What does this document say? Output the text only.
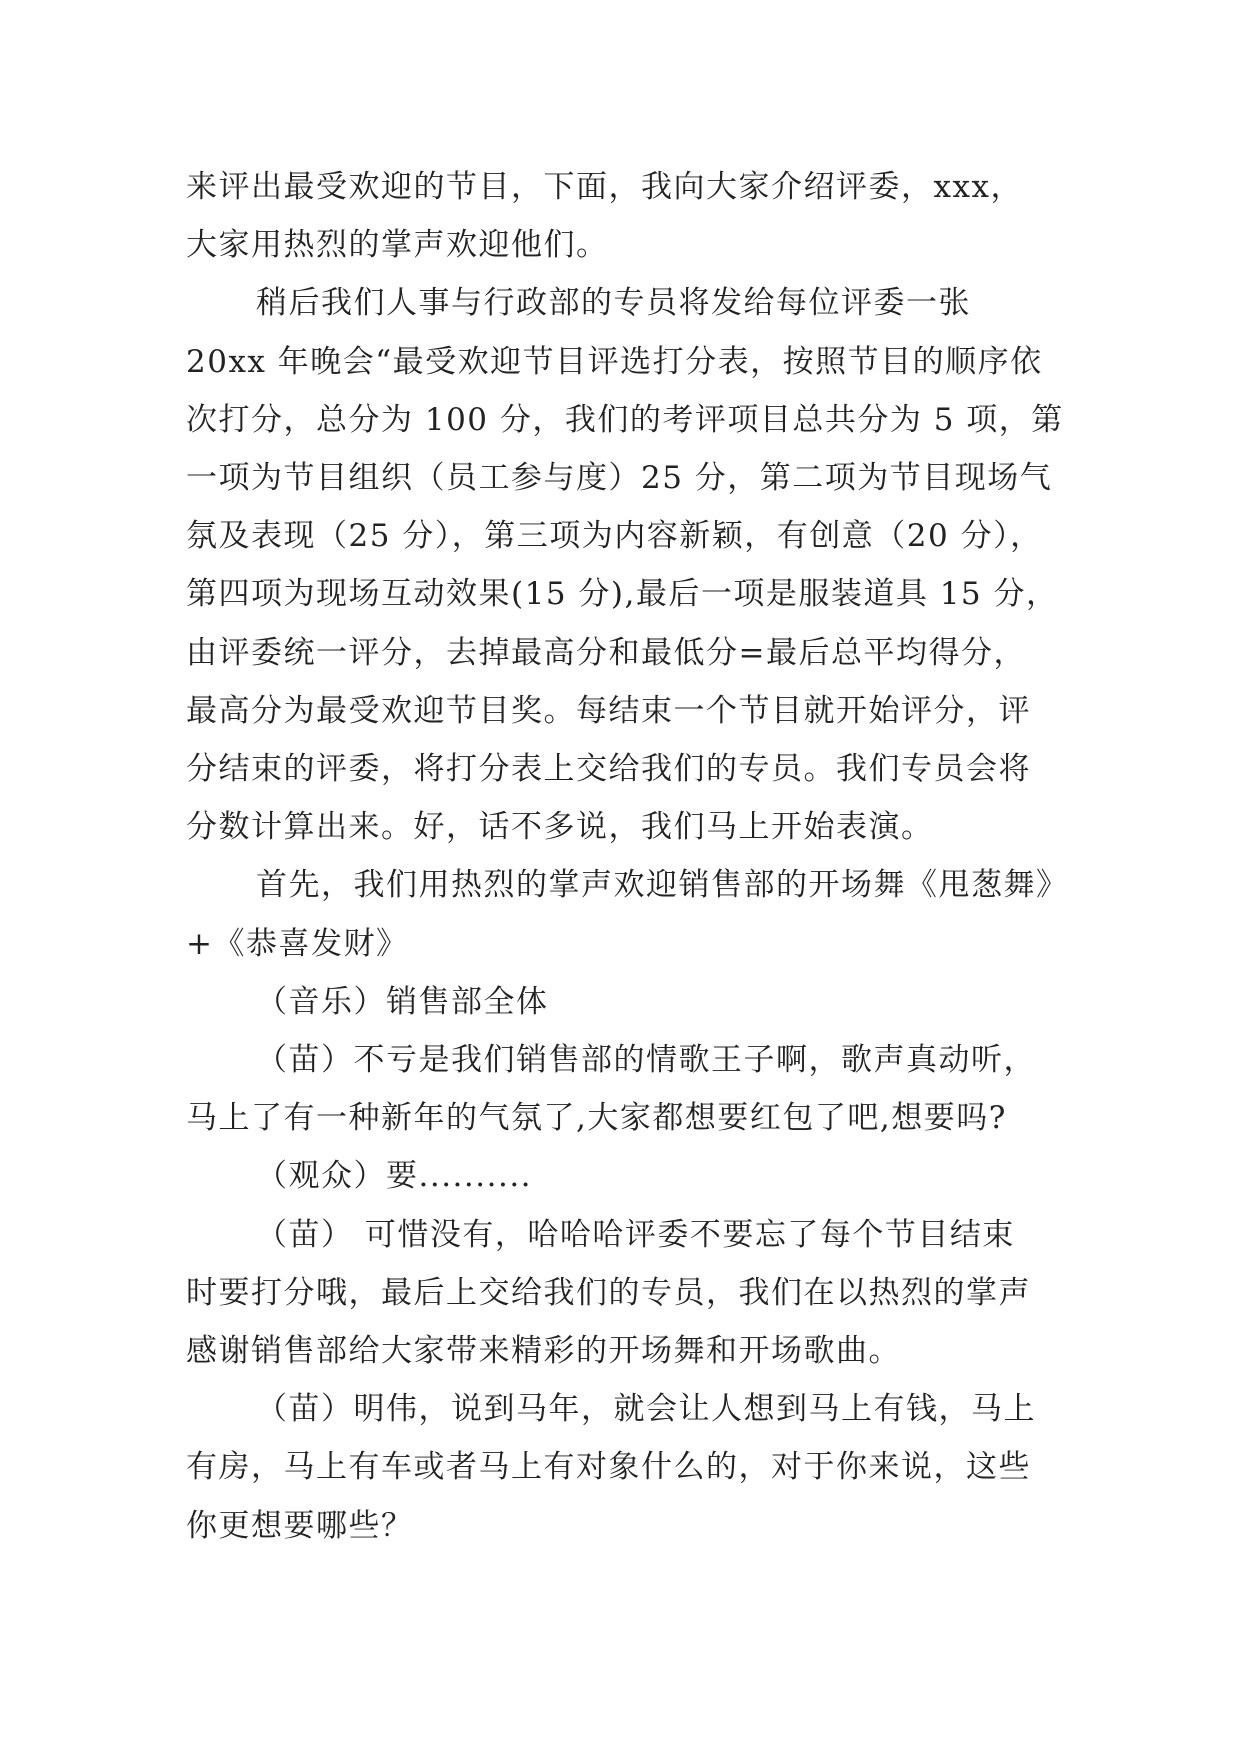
来评出最受欢迎的节目，下面，我向大家介绍评委，xxx，
大家用热烈的掌声欢迎他们。
稍后我们人事与行政部的专员将发给每位评委一张
20xx 年晚会“最受欢迎节目评选打分表，按照节目的顺序依
次打分，总分为 100 分，我们的考评项目总共分为 5 项，第
一项为节目组织（员工参与度）25 分，第二项为节目现场气
氛及表现（25 分），第三项为内容新颖，有创意（20 分），
第四项为现场互动效果(15 分),最后一项是服装道具 15 分，
由评委统一评分，去掉最高分和最低分=最后总平均得分，
最高分为最受欢迎节目奖。每结束一个节目就开始评分，评
分结束的评委，将打分表上交给我们的专员。我们专员会将
分数计算出来。好，话不多说，我们马上开始表演。
首先，我们用热烈的掌声欢迎销售部的开场舞《甩葱舞》
+《恭喜发财》
（音乐）销售部全体
（苗）不亏是我们销售部的情歌王子啊，歌声真动听，
马上了有一种新年的气氛了,大家都想要红包了吧,想要吗?
（观众）要..........
（苗） 可惜没有，哈哈哈评委不要忘了每个节目结束
时要打分哦，最后上交给我们的专员，我们在以热烈的掌声
感谢销售部给大家带来精彩的开场舞和开场歌曲。
（苗）明伟，说到马年，就会让人想到马上有钱，马上
有房，马上有车或者马上有对象什么的，对于你来说，这些
你更想要哪些？
